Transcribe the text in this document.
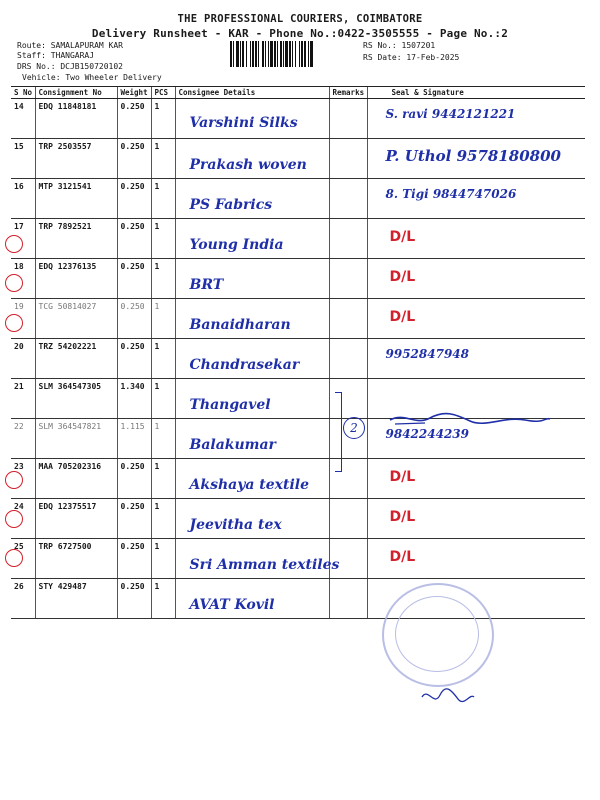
THE PROFESSIONAL COURIERS, COIMBATORE
Delivery Runsheet - KAR - Phone No.:0422-3505555 - Page No.:2
Route: SAMALAPURAM KAR
Staff: THANGARAJ
DRS No.: DCJB150720102
Vehicle: Two Wheeler Delivery
RS No.: 1507201
RS Date: 17-Feb-2025
S No	Consignment No	Weight	PCS	Consignee Details	Remarks	Seal & Signature
14	EDQ 11848181	0.250	1	Varshini Silks		S. ravi 9442121221

15	TRP 2503557	0.250	1	Prakash woven		P. Uthol 9578180800

16	MTP 3121541	0.250	1	PS Fabrics		8. Tigi 9844747026

17	TRP 7892521	0.250	1	Young India		D/L

18	EDQ 12376135	0.250	1	BRT		D/L

19	TCG 50814027	0.250	1	Banaidharan		D/L

20	TRZ 54202221	0.250	1	Chandrasekar		9952847948

21	SLM 364547305	1.340	1	Thangavel		

22	SLM 364547821	1.115	1	Balakumar		9842244239

23	MAA 705202316	0.250	1	Akshaya textile		D/L

24	EDQ 12375517	0.250	1	Jeevitha tex		D/L

25	TRP 6727500	0.250	1	Sri Amman textiles		D/L

26	STY 429487	0.250	1	AVAT Kovil		

2
